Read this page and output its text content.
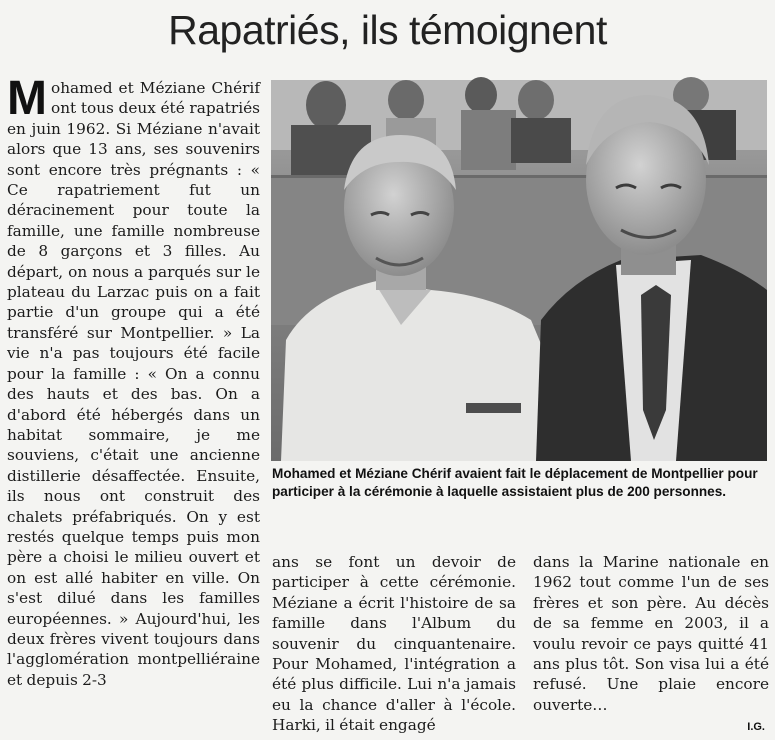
Rapatriés, ils témoignent
Mohamed et Méziane Chérif ont tous deux été rapatriés en juin 1962. Si Méziane n'avait alors que 13 ans, ses souvenirs sont encore très prégnants : « Ce rapatriement fut un déracinement pour toute la famille, une famille nombreuse de 8 garçons et 3 filles. Au départ, on nous a parqués sur le plateau du Larzac puis on a fait partie d'un groupe qui a été transféré sur Montpellier. » La vie n'a pas toujours été facile pour la famille : « On a connu des hauts et des bas. On a d'abord été hébergés dans un habitat sommaire, je me souviens, c'était une ancienne distillerie désaffectée. Ensuite, ils nous ont construit des chalets préfabriqués. On y est restés quelque temps puis mon père a choisi le milieu ouvert et on est allé habiter en ville. On s'est dilué dans les familles européennes. » Aujourd'hui, les deux frères vivent toujours dans l'agglomération montpelliéraine et depuis 2-3
Mohamed et Méziane Chérif avaient fait le déplacement de Montpellier pour participer à la cérémonie à laquelle assistaient plus de 200 personnes.
ans se font un devoir de participer à cette cérémonie. Méziane a écrit l'histoire de sa famille dans l'Album du souvenir du cinquantenaire. Pour Mohamed, l'intégration a été plus difficile. Lui n'a jamais eu la chance d'aller à l'école. Harki, il était engagé
dans la Marine nationale en 1962 tout comme l'un de ses frères et son père. Au décès de sa femme en 2003, il a voulu revoir ce pays quitté 41 ans plus tôt. Son visa lui a été refusé. Une plaie encore ouverte…
I.G.
